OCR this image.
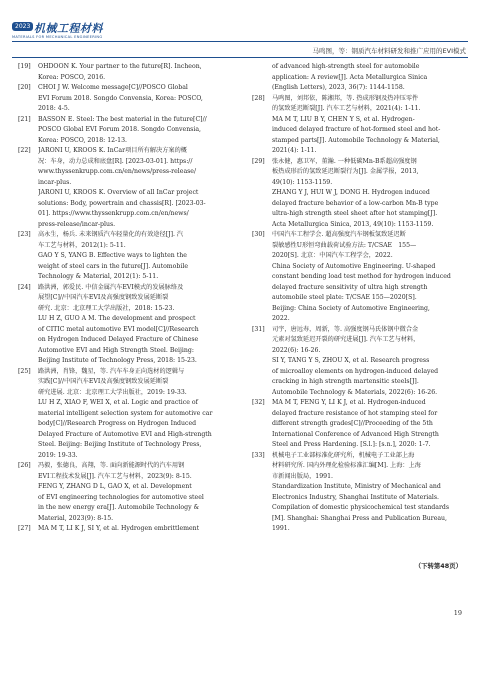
2023 机械工程材料
MATERIALS FOR MECHANICAL ENGINEERING
马鸣图，等：钢质汽车材料研发和推广应用的EVI模式
[19]	OHDOON K. Your partner to the future[R]. Incheon,
Korea: POSCO, 2016.
[20]	CHOI J W. Welcome message[C]//POSCO Global
EVI Forum 2018. Songdo Convensia, Korea: POSCO,
2018: 4-5.
[21]	BASSON E. Steel: The best material in the future[C]//
POSCO Global EVI Forum 2018. Songdo Convensia,
Korea: POSCO, 2018: 12-13.
[22]	JARONI U, KROOS K. InCar项目所有解决方案的概
况：车身，动力总成和底盘[R]. [2023-03-01]. https://
www.thyssenkrupp.com.cn/en/news/press-release/
incar-plus.
JARONI U, KROOS K. Overview of all InCar project
solutions: Body, powertrain and chassis[R]. [2023-03-
01]. https://www.thyssenkrupp.com.cn/en/news/
press-release/incar-plus.
[23]	高永生，杨兵. 未来钢质汽车轻量化的有效途径[J]. 汽
车工艺与材料，2012(1): 5-11.
GAO Y S, YANG B. Effective ways to lighten the
weight of steel cars in the future[J]. Automobile
Technology & Material, 2012(1): 5-11.
[24]	路洪洲，郭爱民. 中信金属汽车EVI模式的发展脉络及
展望[C]//中国汽车EVI及高强度钢致发展延断裂
研究. 北京：北京理工大学出版社，2018: 15-23.
LU H Z, GUO A M. The development and prospect
of CITIC metal automotive EVI model[C]//Research
on Hydrogen Induced Delayed Fracture of Chinese
Automotive EVI and High Strength Steel. Beijing:
Beijing Institute of Technology Press, 2018: 15-23.
[25]	路洪洲，肖锋，魏星，等. 汽车车身正向选材的逻辑与
实践[C]//中国汽车EVI及高强度钢致发展延断裂
研究进展. 北京：北京理工大学出版社，2019: 19-33.
LU H Z, XIAO F, WEI X, et al. Logic and practice of
material intelligent selection system for automotive car
body[C]//Research Progress on Hydrogen Induced
Delayed Fracture of Automotive EVI and High-strength
Steel. Beijing: Beijing Institute of Technology Press,
2019: 19-33.
[26]	冯毅，张德良，高翔，等. 面向新能源时代的汽车用钢
EVI工程技术发展[J]. 汽车工艺与材料，2023(9): 8-15.
FENG Y, ZHANG D L, GAO X, et al. Development
of EVI engineering technologies for automotive steel
in the new energy era[J]. Automobile Technology &
Material, 2023(9): 8-15.
[27]	MA M T, LI K J, SI Y, et al. Hydrogen embrittlement
of advanced high-strength steel for automobile
application: A review[J]. Acta Metallurgica Sinica
(English Letters), 2023, 36(7): 1144-1158.
[28]	马鸣图，刘邦依，陈湘邦，等. 热成形钢及热冲压零件
的氢致延迟断裂[J]. 汽车工艺与材料，2021(4): 1-11.
MA M T, LIU B Y, CHEN Y S, et al. Hydrogen-
induced delayed fracture of hot-formed steel and hot-
stamped parts[J]. Automobile Technology & Material,
2021(4): 1-11.
[29]	张永健，惠卫军，董瀚. 一种低碳Mn-B系超高强度钢
板热成形后的氢致延迟断裂行为[J]. 金属学报，2013,
49(10): 1153-1159.
ZHANG Y J, HUI W J, DONG H. Hydrogen induced
delayed fracture behavior of a low-carbon Mn-B type
ultra-high strength steel sheet after hot stamping[J].
Acta Metallurgica Sinica, 2013, 49(10): 1153-1159.
[30]	中国汽车工程学会. 超高强度汽车钢板氢致延迟断
裂敏感性U形恒弯曲载荷试验方法: T/CSAE　155—
2020[S]. 北京：中国汽车工程学会，2022.
China Society of Automotive Engineering. U-shaped
constant bending load test method for hydrogen induced
delayed fracture sensitivity of ultra high strength
automobile steel plate: T/CSAE 155—2020[S].
Beijing: China Society of Automotive Engineering,
2022.
[31]	司宇，唐远寿，周新，等. 高强度钢马氏体钢中微合金
元素对氢致延迟开裂的研究进展[J]. 汽车工艺与材料，
2022(6): 16-26.
SI Y, TANG Y S, ZHOU X, et al. Research progress
of microalloy elements on hydrogen-induced delayed
cracking in high strength martensitic steels[J].
Automobile Technology & Materials, 2022(6): 16-26.
[32]	MA M T, FENG Y, LI K J, et al. Hydrogen-induced
delayed fracture resistance of hot stamping steel for
different strength grades[C]//Proceeding of the 5th
International Conference of Advanced High Strength
Steel and Press Hardening. [S.l.]: [s.n.], 2020: 1-7.
[33]	机械电子工业部标准化研究所，机械电子工业部上海
材料研究所. 国内外理化检验标准汇编[M]. 上海：上海
市新闻出版局，1991.
Standardization Institute, Ministry of Mechanical and
Electronics Industry, Shanghai Institute of Materials.
Compilation of domestic physicochemical test standards
[M]. Shanghai: Shanghai Press and Publication Bureau,
1991.
（下转第48页）
19
